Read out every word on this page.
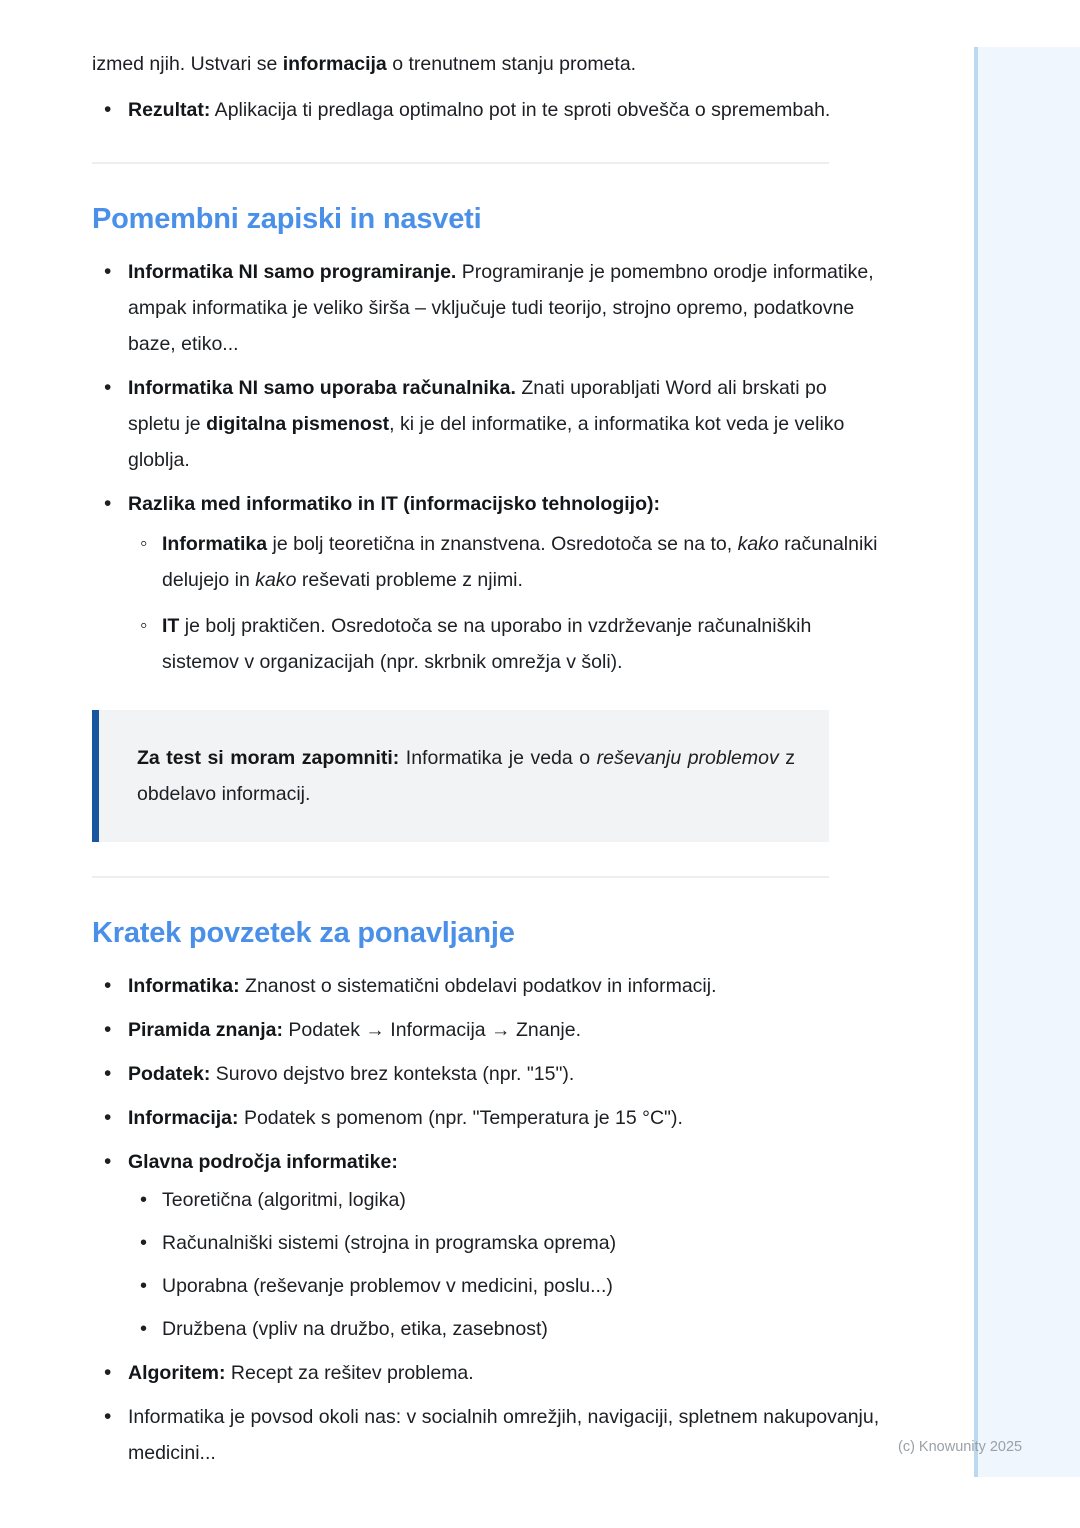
izmed njih. Ustvari se informacija o trenutnem stanju prometa.

• Rezultat: Aplikacija ti predlaga optimalno pot in te sproti obvešča o spremembah.
Pomembni zapiski in nasveti
• Informatika NI samo programiranje. Programiranje je pomembno orodje informatike, ampak informatika je veliko širša – vključuje tudi teorijo, strojno opremo, podatkovne baze, etiko...
• Informatika NI samo uporaba računalnika. Znati uporabljati Word ali brskati po spletu je digitalna pismenost, ki je del informatike, a informatika kot veda je veliko globlja.
• Razlika med informatiko in IT (informacijsko tehnologijo):
◦ Informatika je bolj teoretična in znanstvena. Osredotoča se na to, kako računalniki delujejo in kako reševati probleme z njimi.
◦ IT je bolj praktičen. Osredotoča se na uporabo in vzdrževanje računalniških sistemov v organizacijah (npr. skrbnik omrežja v šoli).

Za test si moram zapomniti: Informatika je veda o reševanju problemov z obdelavo informacij.

Kratek povzetek za ponavljanje
• Informatika: Znanost o sistematični obdelavi podatkov in informacij.
• Piramida znanja: Podatek → Informacija → Znanje.
• Podatek: Surovo dejstvo brez konteksta (npr. "15").
• Informacija: Podatek s pomenom (npr. "Temperatura je 15 °C").
• Glavna področja informatike:
• Teoretična (algoritmi, logika)
• Računalniški sistemi (strojna in programska oprema)
• Uporabna (reševanje problemov v medicini, poslu...)
• Družbena (vpliv na družbo, etika, zasebnost)
• Algoritem: Recept za rešitev problema.
• Informatika je povsod okoli nas: v socialnih omrežjih, navigaciji, spletnem nakupovanju, medicini...	(c) Knowunity 2025
